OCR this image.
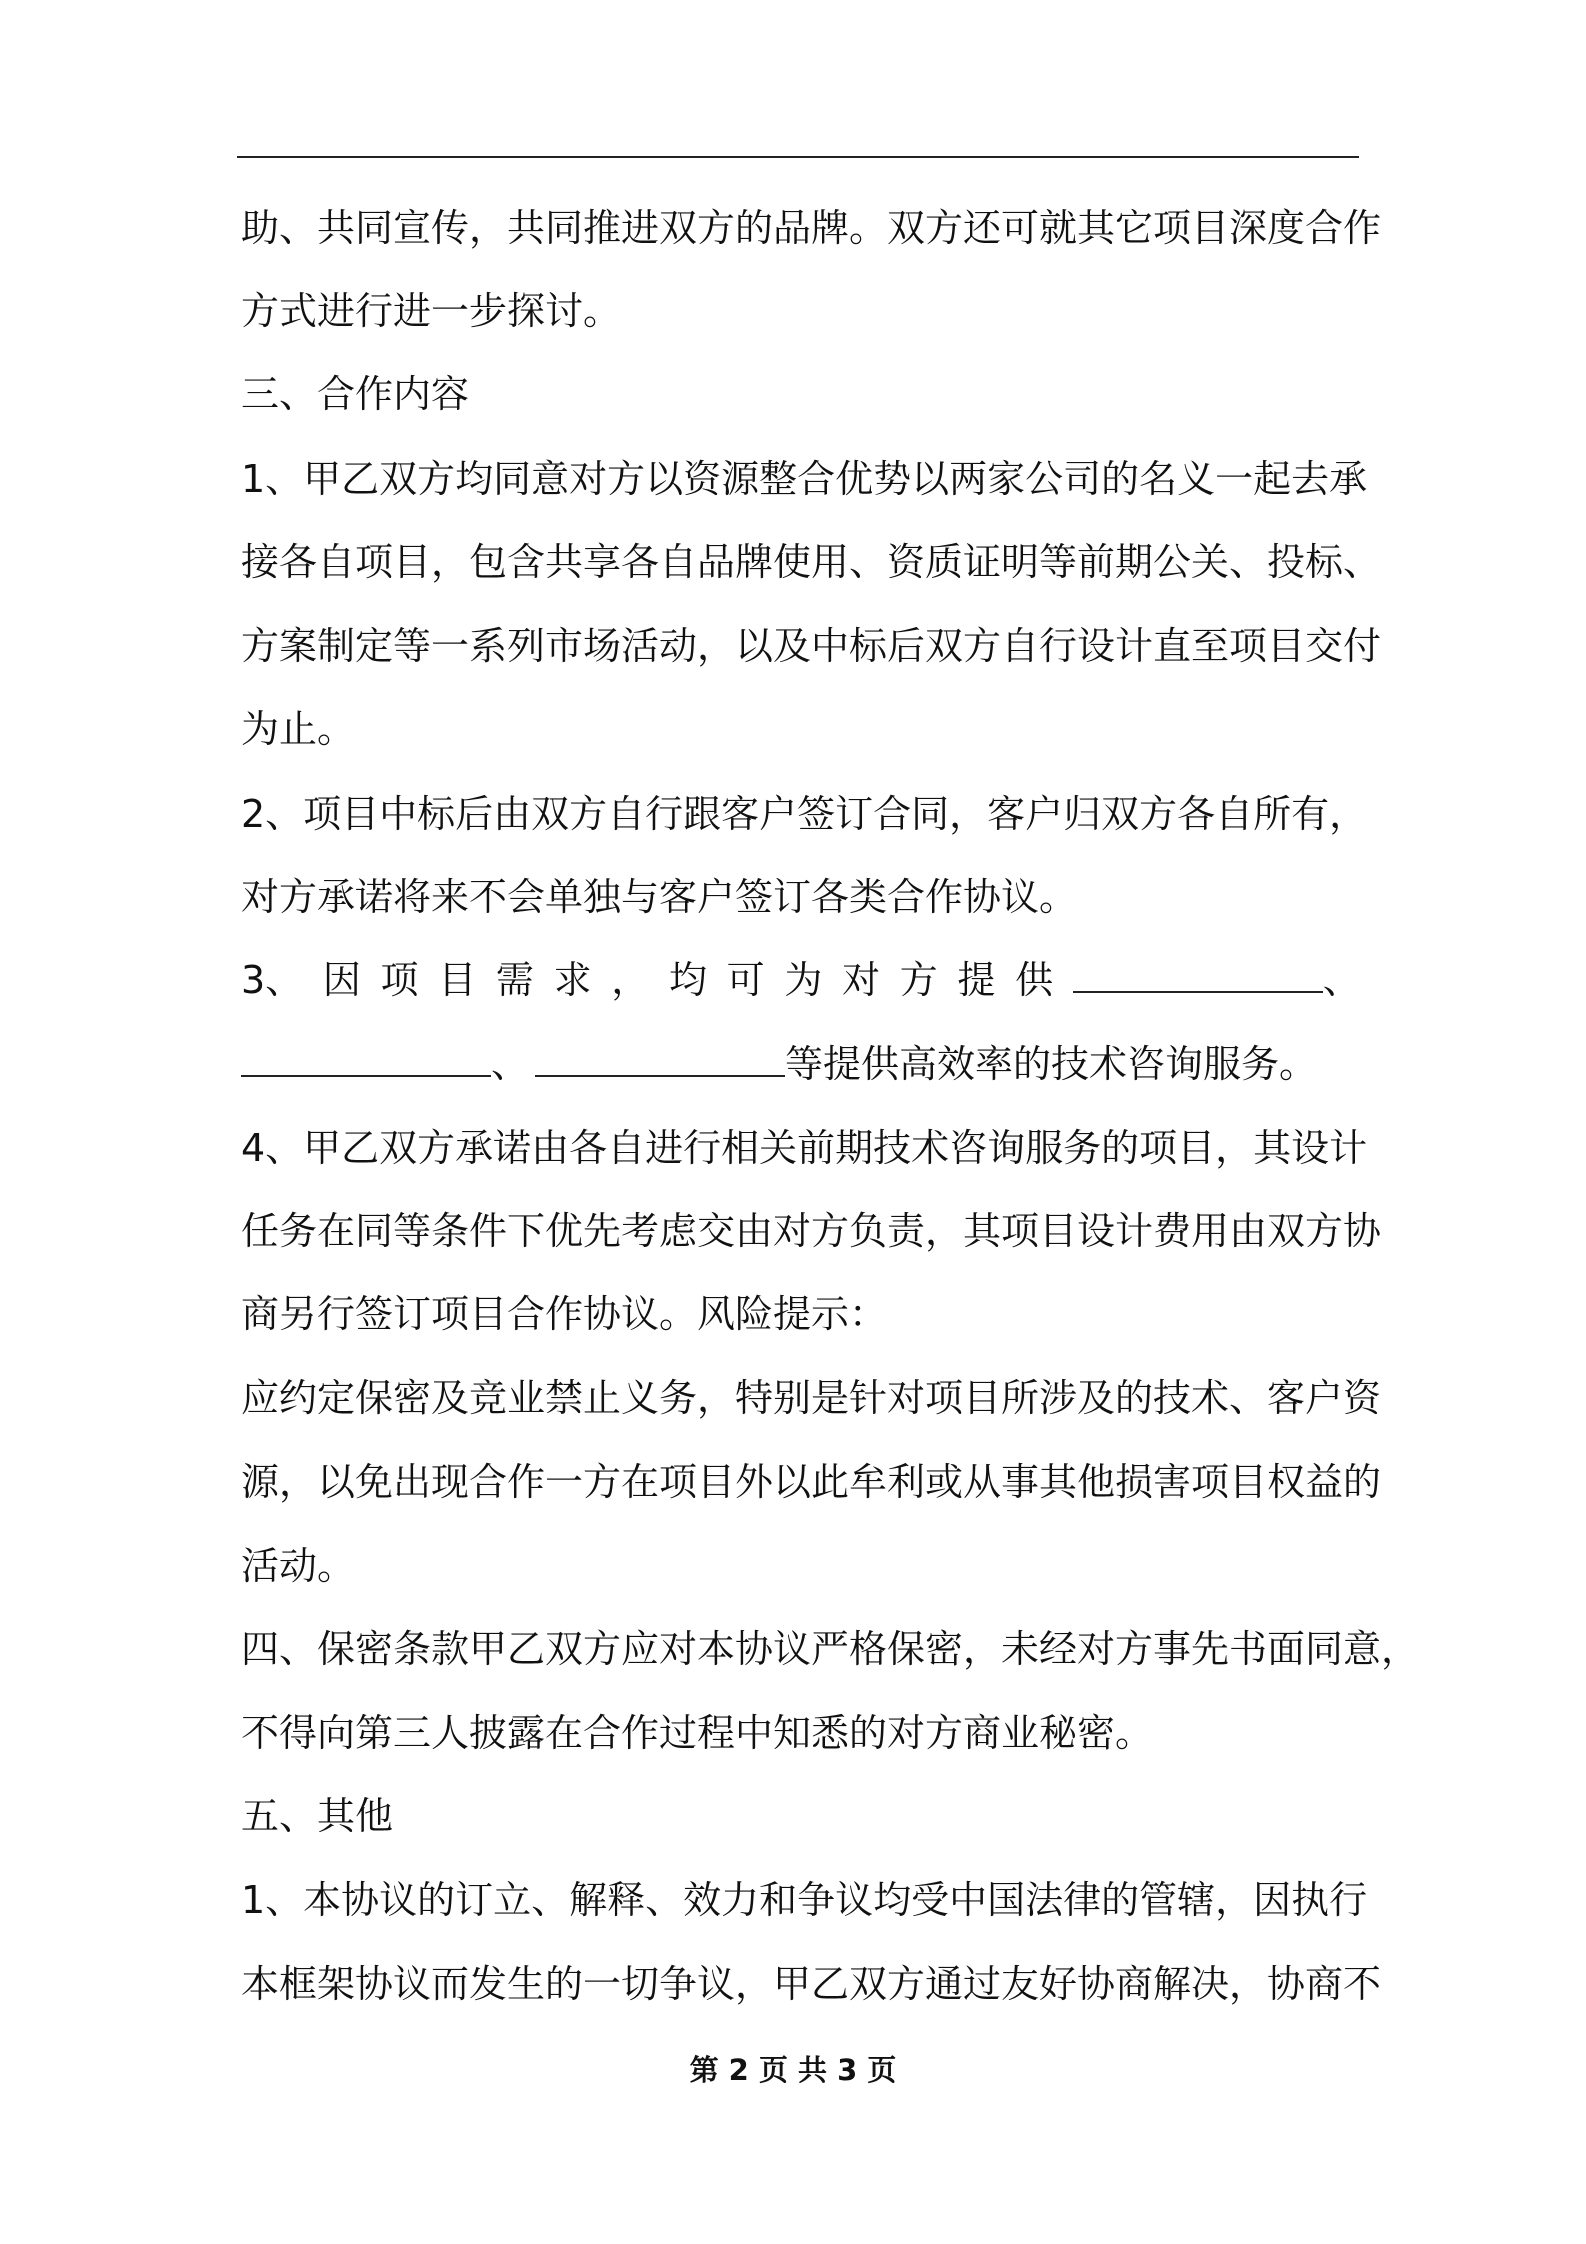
助、共同宣传，共同推进双方的品牌。双方还可就其它项目深度合作
方式进行进一步探讨。
三、合作内容
1、甲乙双方均同意对方以资源整合优势以两家公司的名义一起去承
接各自项目，包含共享各自品牌使用、资质证明等前期公关、投标、
方案制定等一系列市场活动，以及中标后双方自行设计直至项目交付
为止。
2、项目中标后由双方自行跟客户签订合同，客户归双方各自所有，
对方承诺将来不会单独与客户签订各类合作协议。
3、 因 项 目 需 求 ， 均 可 为 对 方 提 供	、
、	等提供高效率的技术咨询服务。
4、甲乙双方承诺由各自进行相关前期技术咨询服务的项目，其设计
任务在同等条件下优先考虑交由对方负责，其项目设计费用由双方协
商另行签订项目合作协议。风险提示：
应约定保密及竞业禁止义务，特别是针对项目所涉及的技术、客户资
源，以免出现合作一方在项目外以此牟利或从事其他损害项目权益的
活动。
四、保密条款甲乙双方应对本协议严格保密，未经对方事先书面同意，
不得向第三人披露在合作过程中知悉的对方商业秘密。
五、其他
1、本协议的订立、解释、效力和争议均受中国法律的管辖，因执行
本框架协议而发生的一切争议，甲乙双方通过友好协商解决，协商不
第 2 页 共 3 页
